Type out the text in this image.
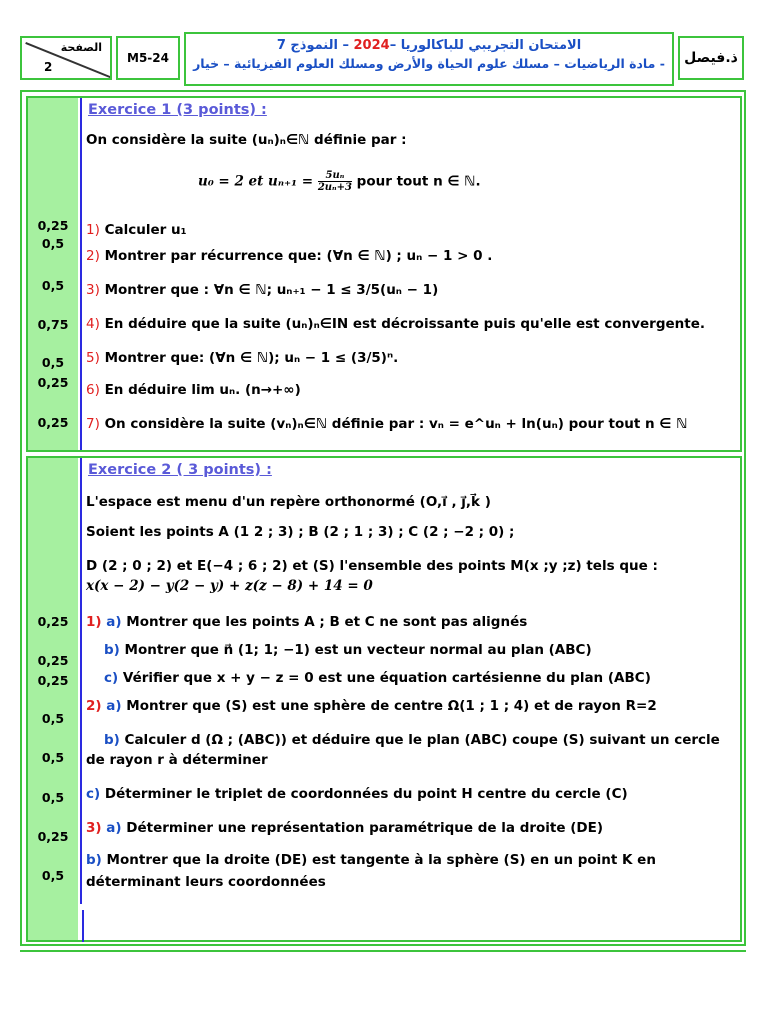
الصفحة
2
M5-24
الامتحان التجريبي للباكالوريا –2024 – النموذج 7
- مادة الرياضيات – مسلك علوم الحياة والأرض ومسلك العلوم الفيزيائية – خيار	ذ.فيصل
0,25
0,5
0,5
0,75
0,5
0,25
0,25
Exercice 1 (3 points) :
On considère la suite (uₙ)ₙ∈ℕ définie par :
u₀ = 2 et $u_{n+1} = \frac{\text{5uₙ}}{\text{2uₙ+3}}$ pour tout n ∈ ℕ.
1) Calculer u₁
2) Montrer par récurrence que: (∀n ∈ ℕ) ; uₙ − 1 > 0 .
3) Montrer que : ∀n ∈ ℕ; uₙ₊₁ − 1 ≤ 3/5(uₙ − 1)
4) En déduire que la suite (uₙ)ₙ∈IN est décroissante puis qu'elle est convergente.
5) Montrer que: (∀n ∈ ℕ); uₙ − 1 ≤ (3/5)ⁿ.
6) En déduire lim uₙ. (n→+∞)
7) On considère la suite (vₙ)ₙ∈ℕ définie par : vₙ = e^uₙ + ln(uₙ) pour tout n ∈ ℕ
0,25
0,25
0,25
0,5
0,5
0,5
0,25
0,5
Exercice 2 ( 3 points) :
L'espace est menu d'un repère orthonormé (O,i⃗ , j⃗,k⃗ )
Soient les points A (1 2 ; 3) ; B (2 ; 1 ; 3) ; C (2 ; −2 ; 0) ;
D (2 ; 0 ; 2) et E(−4 ; 6 ; 2) et (S) l'ensemble des points M(x ;y ;z) tels que :
x(x − 2) − y(2 − y) + z(z − 8) + 14 = 0
1) a) Montrer que les points A ; B et C ne sont pas alignés
b) Montrer que n⃗ (1; 1; −1) est un vecteur normal au plan (ABC)
c) Vérifier que x + y − z = 0 est une équation cartésienne du plan (ABC)
2) a) Montrer que (S) est une sphère de centre Ω(1 ; 1 ; 4) et de rayon R=2
b) Calculer d (Ω ; (ABC)) et déduire que le plan (ABC) coupe (S) suivant un cercle
de rayon r à déterminer
c) Déterminer le triplet de coordonnées du point H centre du cercle (C)
3) a) Déterminer une représentation paramétrique de la droite (DE)
b) Montrer que la droite (DE) est tangente à la sphère (S) en un point K en
déterminant leurs coordonnées
